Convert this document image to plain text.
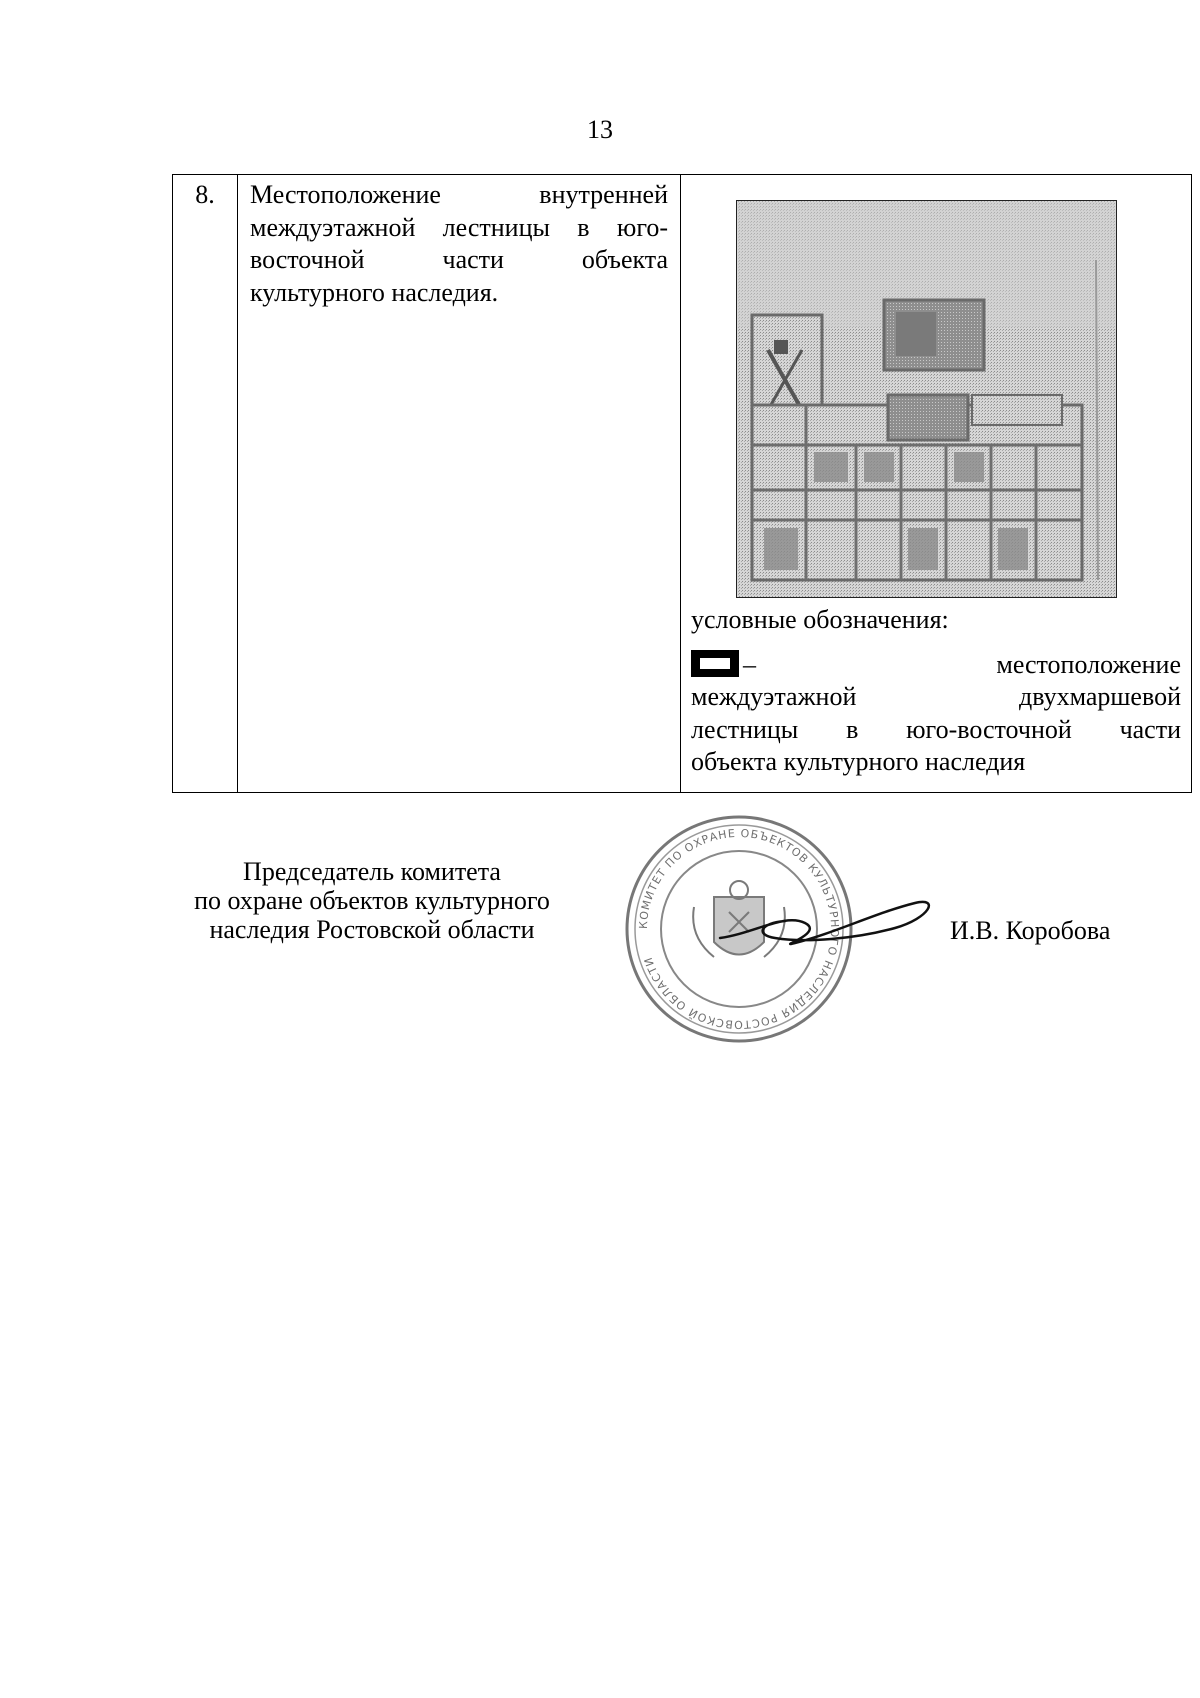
13
8.	Местоположение внутренней
междуэтажной лестницы в юго-
восточной части объекта
культурного наследия.

условные обозначения:
–	местоположение
междуэтажной двухмаршевой
лестницы в юго-восточной части
объекта культурного наследия
Председатель комитета
по охране объектов культурного
наследия Ростовской области	КОМИТЕТ ПО ОХРАНЕ ОБЪЕКТОВ КУЛЬТУРНОГО НАСЛЕДИЯ РОСТОВСКОЙ ОБЛАСТИ
И.В. Коробова
